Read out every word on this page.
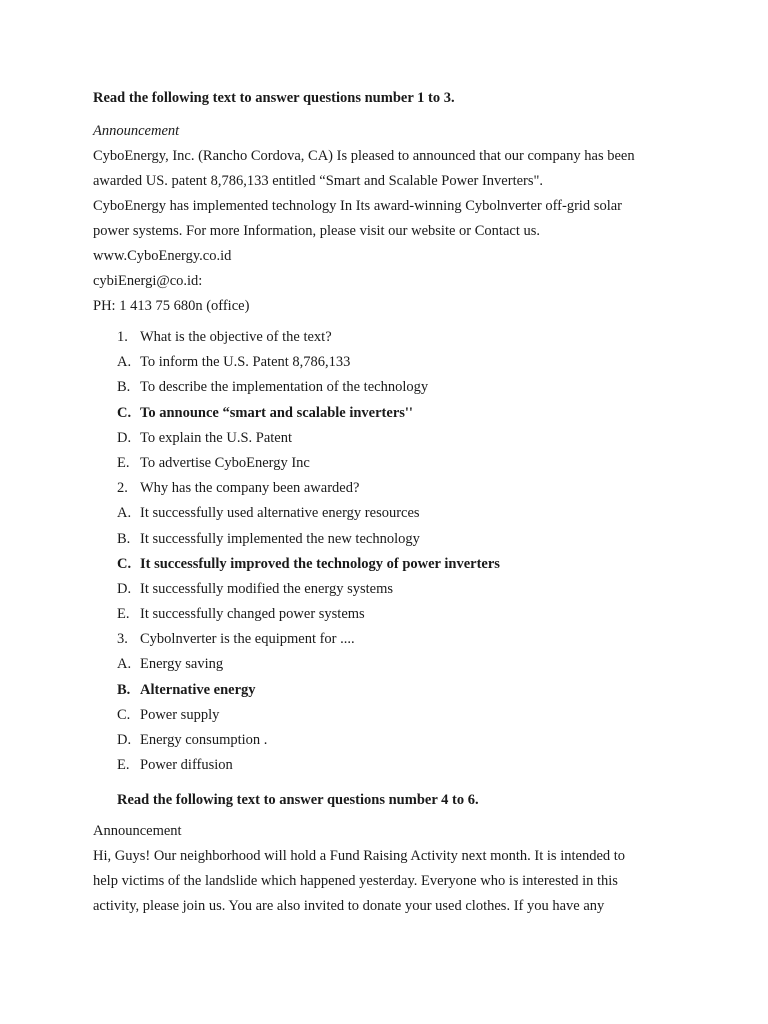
Read the following text to answer questions number 1 to 3.
Announcement
CyboEnergy, Inc. (Rancho Cordova, CA) Is pleased to announced that our company has been
awarded US. patent 8,786,133 entitled “Smart and Scalable Power Inverters".
CyboEnergy has implemented technology In Its award-winning Cybolnverter off-grid solar
power systems. For more Information, please visit our website or Contact us.
www.CyboEnergy.co.id
cybiEnergi@co.id:
PH: 1 413 75 680n (office)
1. What is the objective of the text?
A. To inform the U.S. Patent 8,786,133
B. To describe the implementation of the technology
C. To announce “smart and scalable inverters''
D. To explain the U.S. Patent
E. To advertise CyboEnergy Inc
2. Why has the company been awarded?
A. It successfully used alternative energy resources
B. It successfully implemented the new technology
C. It successfully improved the technology of power inverters
D. It successfully modified the energy systems
E. It successfully changed power systems
3. Cybolnverter is the equipment for ....
A. Energy saving
B. Alternative energy
C. Power supply
D. Energy consumption .
E. Power diffusion
Read the following text to answer questions number 4 to 6.
Announcement
Hi, Guys! Our neighborhood will hold a Fund Raising Activity next month. It is intended to
help victims of the landslide which happened yesterday. Everyone who is interested in this
activity, please join us. You are also invited to donate your used clothes. If you have any
